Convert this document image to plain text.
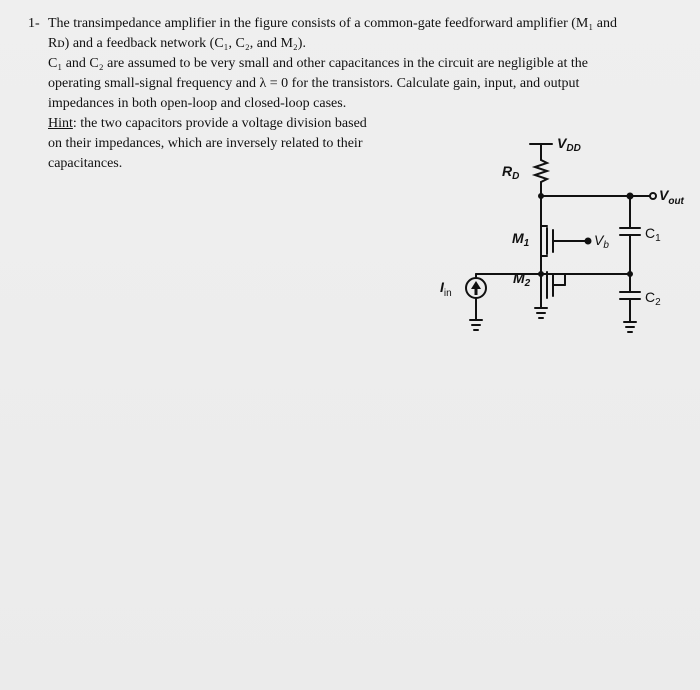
1- The transimpedance amplifier in the figure consists of a common-gate feedforward amplifier (M₁ and
Rᴅ) and a feedback network (C₁, C₂, and M₂).
C₁ and C₂ are assumed to be very small and other capacitances in the circuit are negligible at the
operating small-signal frequency and λ = 0 for the transistors. Calculate gain, input, and output
impedances in both open-loop and closed-loop cases.
Hint: the two capacitors provide a voltage division based
on their impedances, which are inversely related to their
capacitances.
$V_{DD}$
$R_D$
$V_{out}$
$M_1$	$V_b$
$C_1$
$M_2$
$C_2$
$I_{in}$
